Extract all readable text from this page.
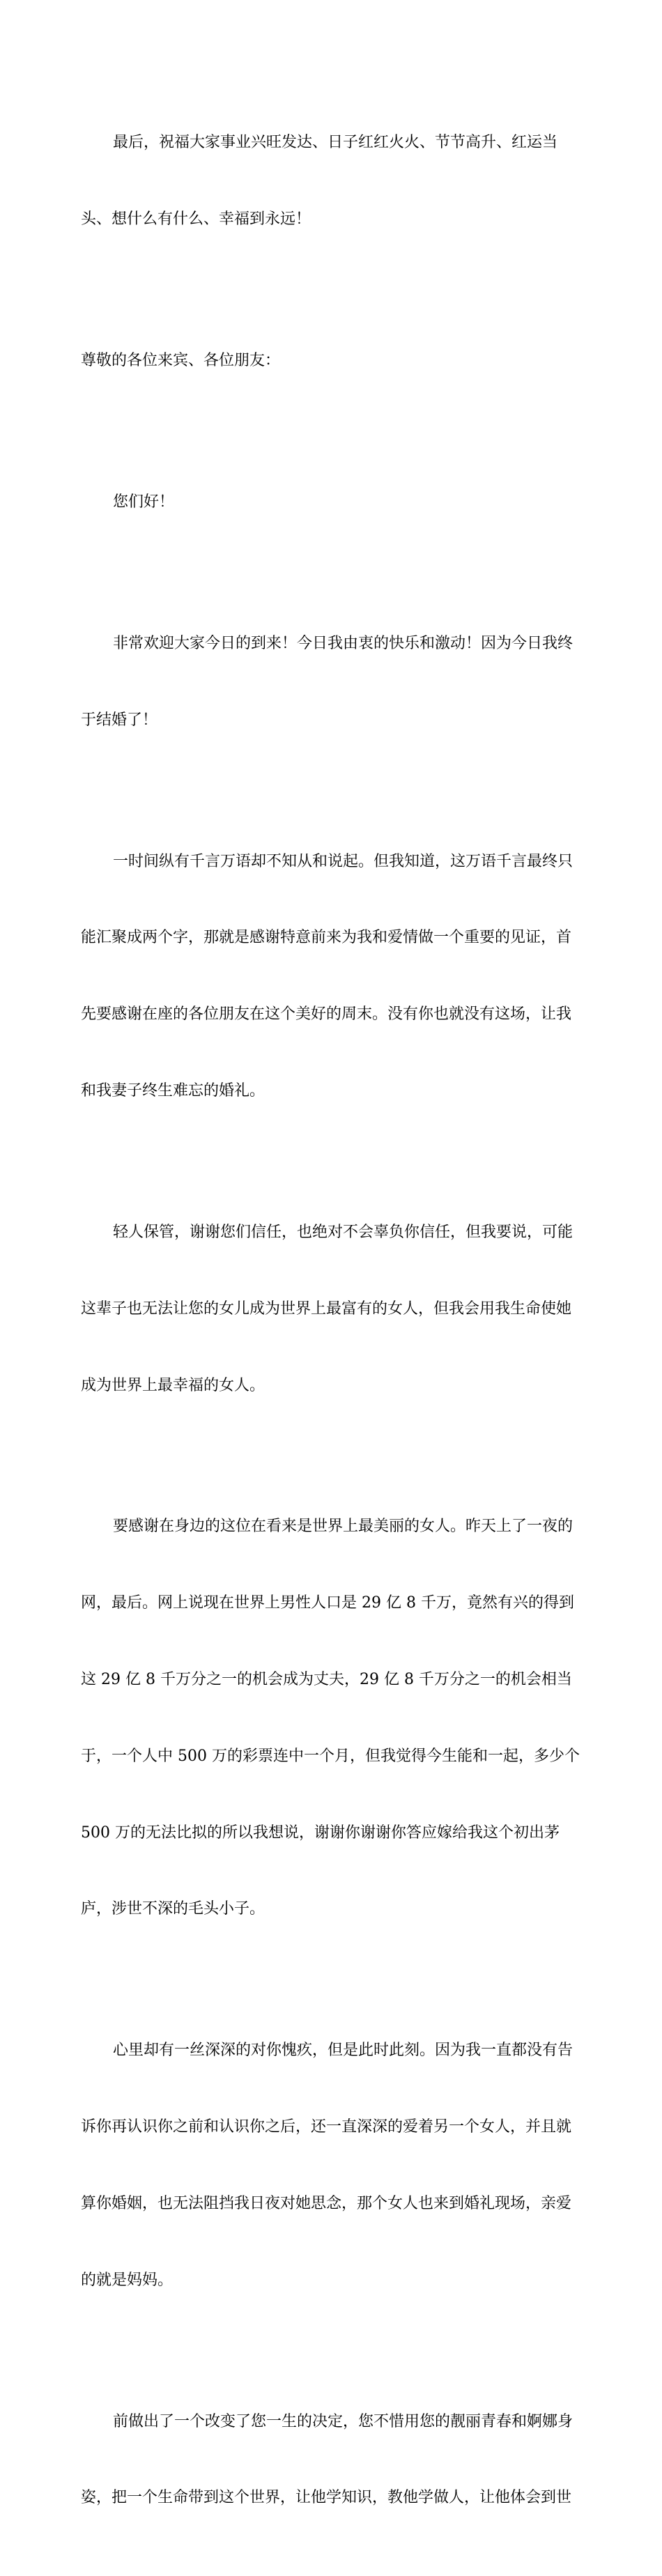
最后，祝福大家事业兴旺发达、日子红红火火、节节高升、红运当

头、想什么有什么、幸福到永远！

尊敬的各位来宾、各位朋友：

您们好！

非常欢迎大家今日的到来！今日我由衷的快乐和激动！因为今日我终

于结婚了！

一时间纵有千言万语却不知从和说起。但我知道，这万语千言最终只

能汇聚成两个字，那就是感谢特意前来为我和爱情做一个重要的见证，首

先要感谢在座的各位朋友在这个美好的周末。没有你也就没有这场，让我

和我妻子终生难忘的婚礼。

轻人保管，谢谢您们信任，也绝对不会辜负你信任，但我要说，可能

这辈子也无法让您的女儿成为世界上最富有的女人，但我会用我生命使她

成为世界上最幸福的女人。

要感谢在身边的这位在看来是世界上最美丽的女人。昨天上了一夜的

网，最后。网上说现在世界上男性人口是 29 亿 8 千万，竟然有兴的得到

这 29 亿 8 千万分之一的机会成为丈夫，29 亿 8 千万分之一的机会相当

于，一个人中 500 万的彩票连中一个月，但我觉得今生能和一起，多少个

500 万的无法比拟的所以我想说，谢谢你谢谢你答应嫁给我这个初出茅

庐，涉世不深的毛头小子。

心里却有一丝深深的对你愧疚，但是此时此刻。因为我一直都没有告

诉你再认识你之前和认识你之后，还一直深深的爱着另一个女人，并且就

算你婚姻，也无法阻挡我日夜对她思念，那个女人也来到婚礼现场，亲爱

的就是妈妈。

前做出了一个改变了您一生的决定，您不惜用您的靓丽青春和婀娜身

姿，把一个生命带到这个世界，让他学知识，教他学做人，让他体会到世
